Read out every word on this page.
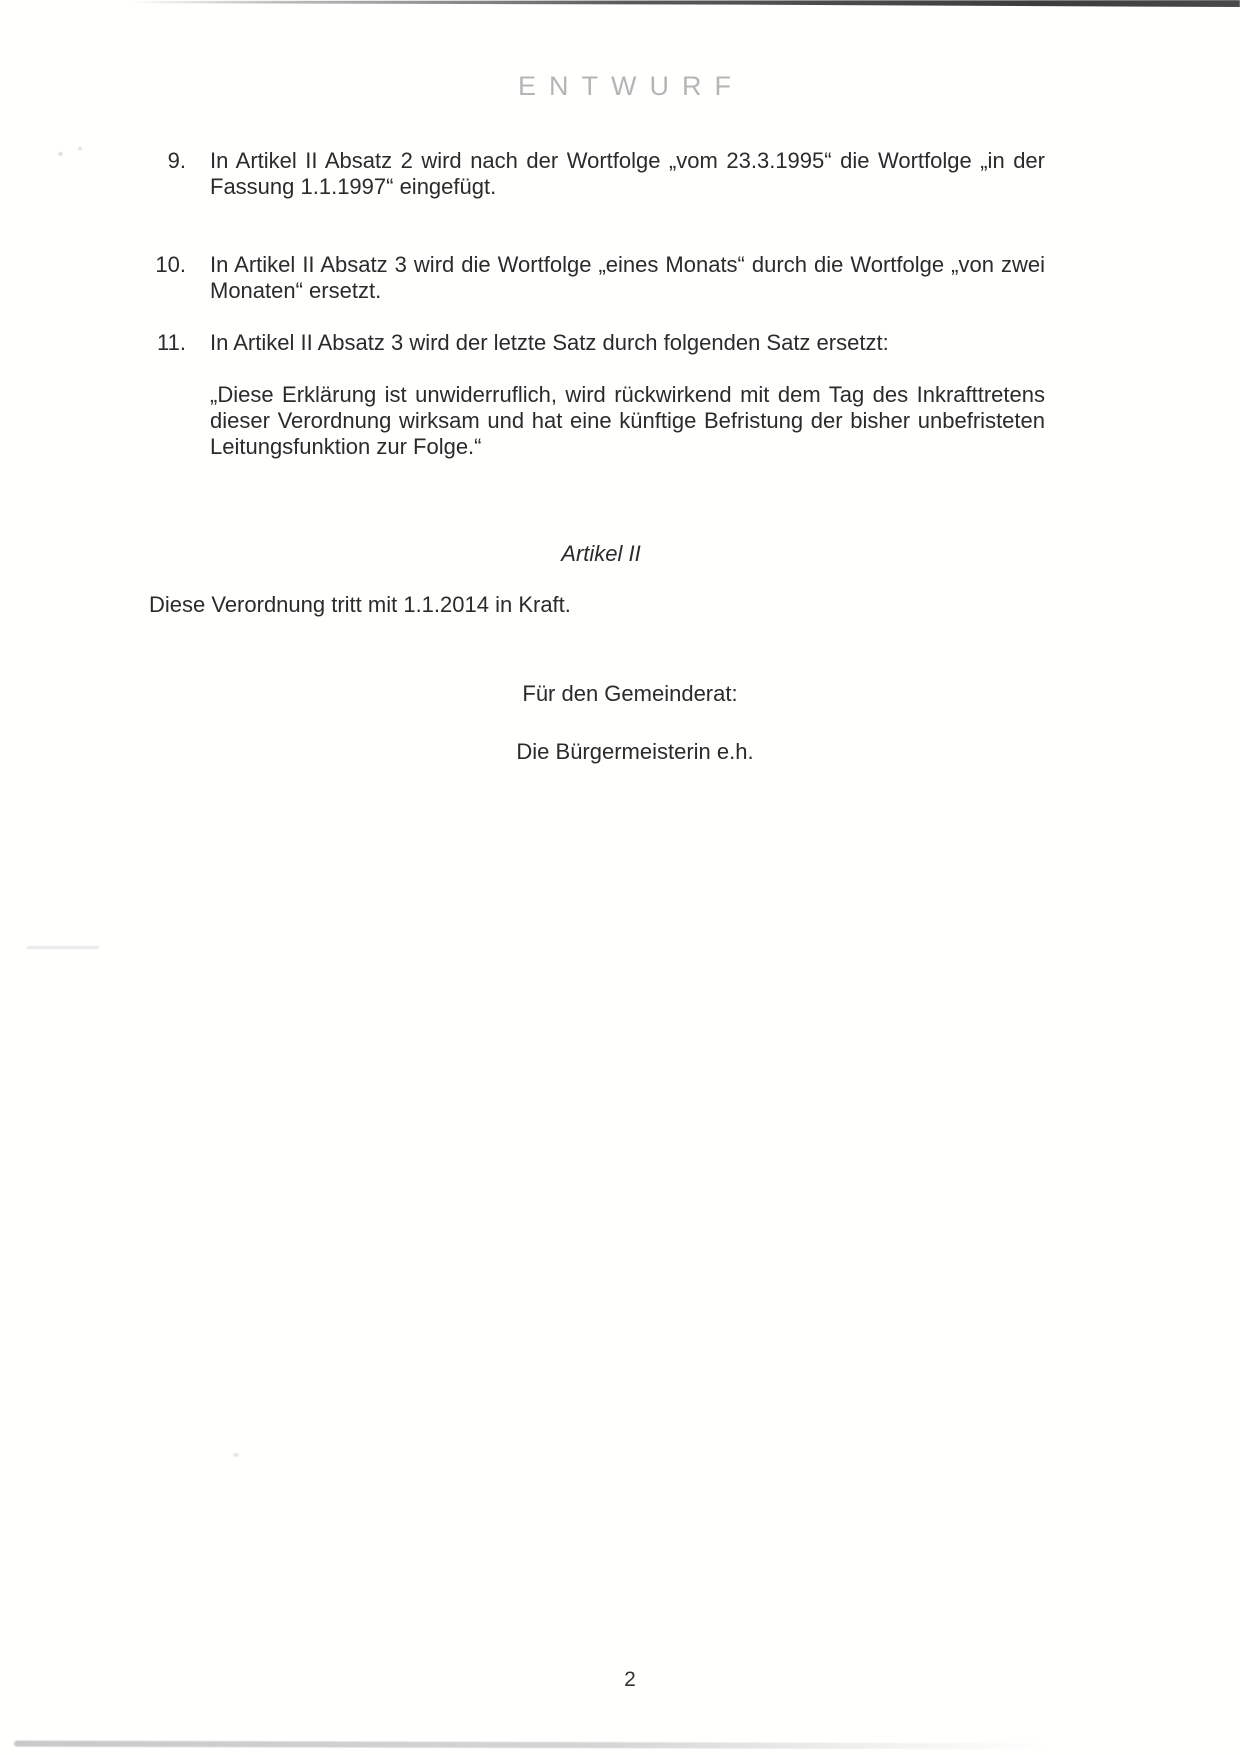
ENTWURF
9. In Artikel II Absatz 2 wird nach der Wortfolge „vom 23.3.1995“ die Wortfolge „in der Fassung 1.1.1997“ eingefügt.
10. In Artikel II Absatz 3 wird die Wortfolge „eines Monats“ durch die Wortfolge „von zwei Monaten“ ersetzt.
11. In Artikel II Absatz 3 wird der letzte Satz durch folgenden Satz ersetzt:
„Diese Erklärung ist unwiderruflich, wird rückwirkend mit dem Tag des Inkrafttretens dieser Verordnung wirksam und hat eine künftige Befristung der bisher unbefristeten Leitungsfunktion zur Folge.“
Artikel II
Diese Verordnung tritt mit 1.1.2014 in Kraft.
Für den Gemeinderat:
Die Bürgermeisterin e.h.
2
